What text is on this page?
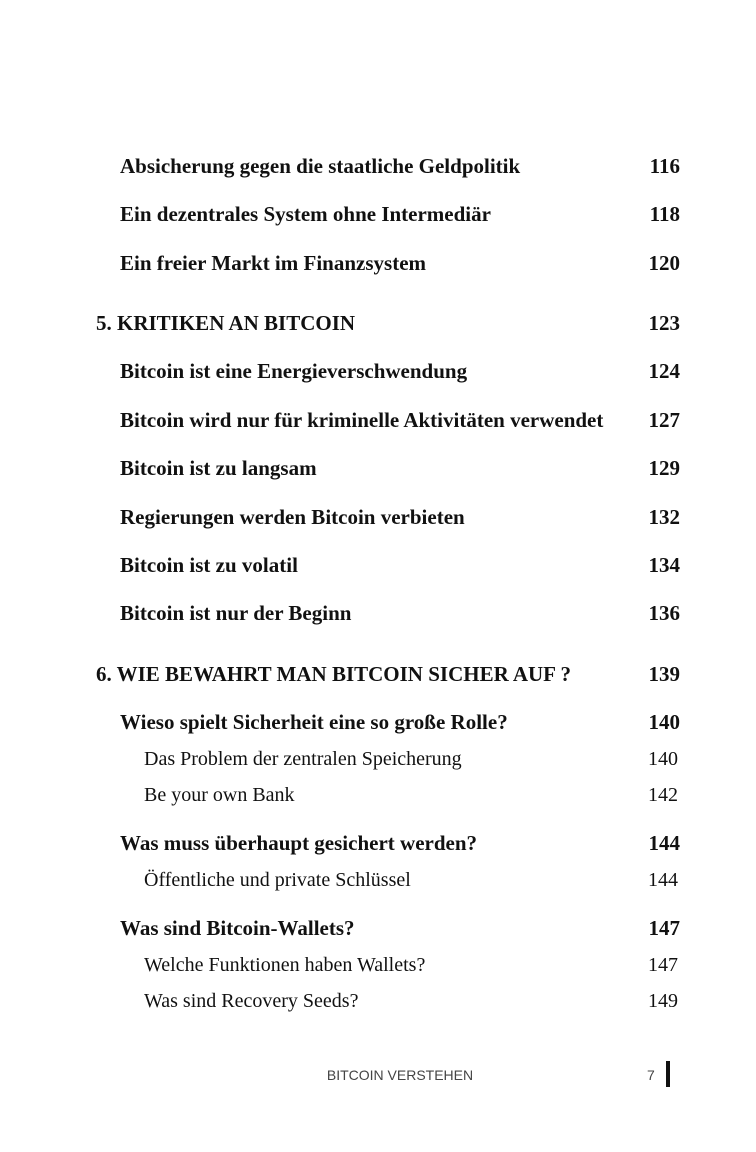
Absicherung gegen die staatliche Geldpolitik	116
Ein dezentrales System ohne Intermediär	118
Ein freier Markt im Finanzsystem	120
5. KRITIKEN AN BITCOIN	123
Bitcoin ist eine Energieverschwendung	124
Bitcoin wird nur für kriminelle Aktivitäten verwendet 127
Bitcoin ist zu langsam	129
Regierungen werden Bitcoin verbieten	132
Bitcoin ist zu volatil	134
Bitcoin ist nur der Beginn	136
6. WIE BEWAHRT MAN BITCOIN SICHER AUF ?	139
Wieso spielt Sicherheit eine so große Rolle?	140
Das Problem der zentralen Speicherung	140
Be your own Bank	142
Was muss überhaupt gesichert werden?	144
Öffentliche und private Schlüssel	144
Was sind Bitcoin-Wallets?	147
Welche Funktionen haben Wallets?	147
Was sind Recovery Seeds?	149
BITCOIN VERSTEHEN	7
